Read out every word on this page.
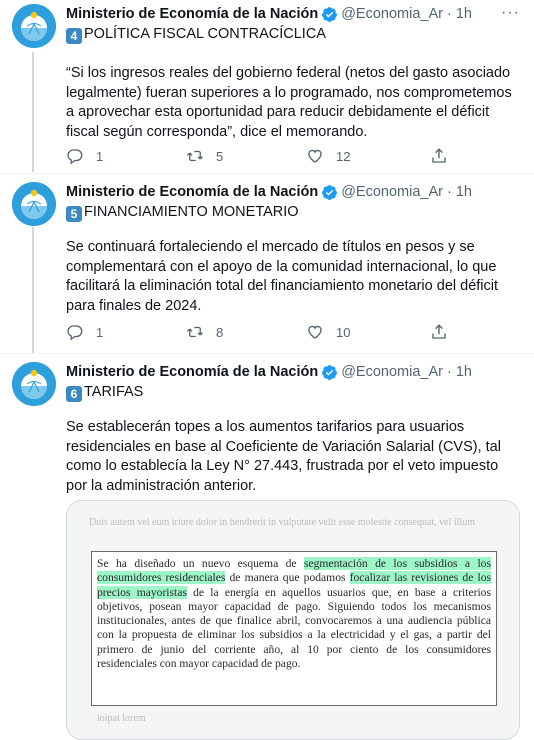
Ministerio de Economía de la Nación @Economia_Ar · 1h ···
4 POLÍTICA FISCAL CONTRACÍCLICA
“Si los ingresos reales del gobierno federal (netos del gasto asociado legalmente) fueran superiores a lo programado, nos comprometemos a aprovechar esta oportunidad para reducir debidamente el déficit fiscal según corresponda”, dice el memorando.
1	5	12
Ministerio de Economía de la Nación @Economia_Ar · 1h
5 FINANCIAMIENTO MONETARIO
Se continuará fortaleciendo el mercado de títulos en pesos y se complementará con el apoyo de la comunidad internacional, lo que facilitará la eliminación total del financiamiento monetario del déficit para finales de 2024.
1	8	10
Ministerio de Economía de la Nación @Economia_Ar · 1h
6 TARIFAS
Se establecerán topes a los aumentos tarifarios para usuarios residenciales en base al Coeficiente de Variación Salarial (CVS), tal como lo establecía la Ley N° 27.443, frustrada por el veto impuesto por la administración anterior.
Duis autem vel eum iriure dolor in hendrerit in vulputate velit esse molestie consequat, vel illum
Se ha diseñado un nuevo esquema de segmentación de los subsidios a los consumidores residenciales de manera que podamos focalizar las revisiones de los precios mayoristas de la energía en aquellos usuarios que, en base a criterios objetivos, posean mayor capacidad de pago. Siguiendo todos los mecanismos institucionales, antes de que finalice abril, convocaremos a una audiencia pública con la propuesta de eliminar los subsidios a la electricidad y el gas, a partir del primero de junio del corriente año, al 10 por ciento de los consumidores residenciales con mayor capacidad de pago.
loipat lorem
